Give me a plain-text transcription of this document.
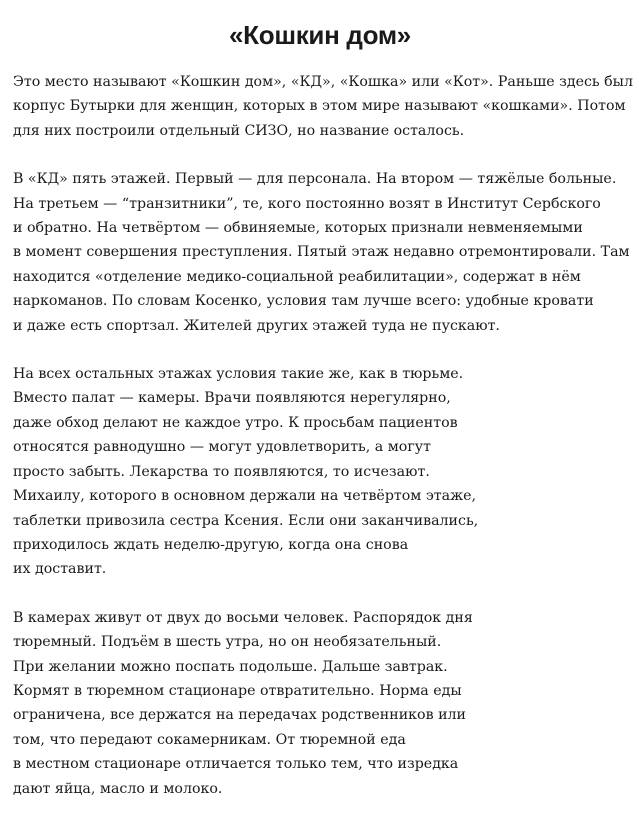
«Кошкин дом»

Это место называют «Кошкин дом», «КД», «Кошка» или «Кот». Раньше здесь был
корпус Бутырки для женщин, которых в этом мире называют «кошками». Потом
для них построили отдельный СИЗО, но название осталось.

В «КД» пять этажей. Первый — для персонала. На втором — тяжёлые больные.
На третьем — “транзитники”, те, кого постоянно возят в Институт Сербского
и обратно. На четвёртом — обвиняемые, которых признали невменяемыми
в момент совершения преступления. Пятый этаж недавно отремонтировали. Там
находится «отделение медико-социальной реабилитации», содержат в нём
наркоманов. По словам Косенко, условия там лучше всего: удобные кровати
и даже есть спортзал. Жителей других этажей туда не пускают.

На всех остальных этажах условия такие же, как в тюрьме.
Вместо палат — камеры. Врачи появляются нерегулярно,
даже обход делают не каждое утро. К просьбам пациентов
относятся равнодушно — могут удовлетворить, а могут
просто забыть. Лекарства то появляются, то исчезают.
Михаилу, которого в основном держали на четвёртом этаже,
таблетки привозила сестра Ксения. Если они заканчивались,
приходилось ждать неделю-другую, когда она снова
их доставит.

В камерах живут от двух до восьми человек. Распорядок дня
тюремный. Подъём в шесть утра, но он необязательный.
При желании можно поспать подольше. Дальше завтрак.
Кормят в тюремном стационаре отвратительно. Норма еды
ограничена, все держатся на передачах родственников или
том, что передают сокамерникам. От тюремной еда
в местном стационаре отличается только тем, что изредка
дают яйца, масло и молоко.
